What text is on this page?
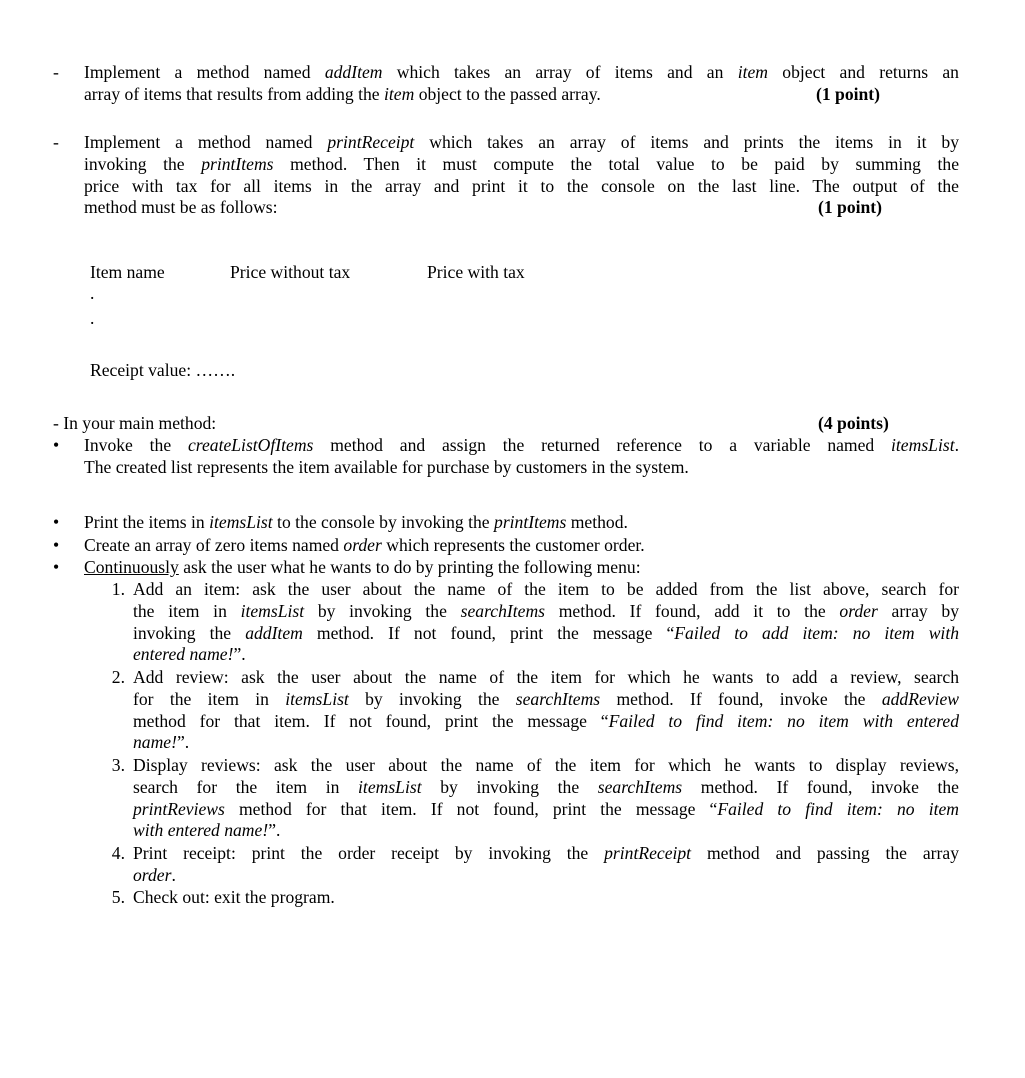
- Implement a method named addItem which takes an array of items and an item object and returns an
array of items that results from adding the item object to the passed array.	(1 point)
- Implement a method named printReceipt which takes an array of items and prints the items in it by
invoking the printItems method. Then it must compute the total value to be paid by summing the
price with tax for all items in the array and print it to the console on the last line. The output of the
method must be as follows:	(1 point)
Item name	Price without tax	Price with tax
.
.
Receipt value: …….
- In your main method:	(4 points)
• Invoke the createListOfItems method and assign the returned reference to a variable named itemsList.
The created list represents the item available for purchase by customers in the system.
• Print the items in itemsList to the console by invoking the printItems method.
• Create an array of zero items named order which represents the customer order.
• Continuously ask the user what he wants to do by printing the following menu:
1. Add an item: ask the user about the name of the item to be added from the list above, search for
the item in itemsList by invoking the searchItems method. If found, add it to the order array by
invoking the addItem method. If not found, print the message “Failed to add item: no item with
entered name!”.
2. Add review: ask the user about the name of the item for which he wants to add a review, search
for the item in itemsList by invoking the searchItems method. If found, invoke the addReview
method for that item. If not found, print the message “Failed to find item: no item with entered
name!”.
3. Display reviews: ask the user about the name of the item for which he wants to display reviews,
search for the item in itemsList by invoking the searchItems method. If found, invoke the
printReviews method for that item. If not found, print the message “Failed to find item: no item
with entered name!”.
4. Print receipt: print the order receipt by invoking the printReceipt method and passing the array
order.
5. Check out: exit the program.
